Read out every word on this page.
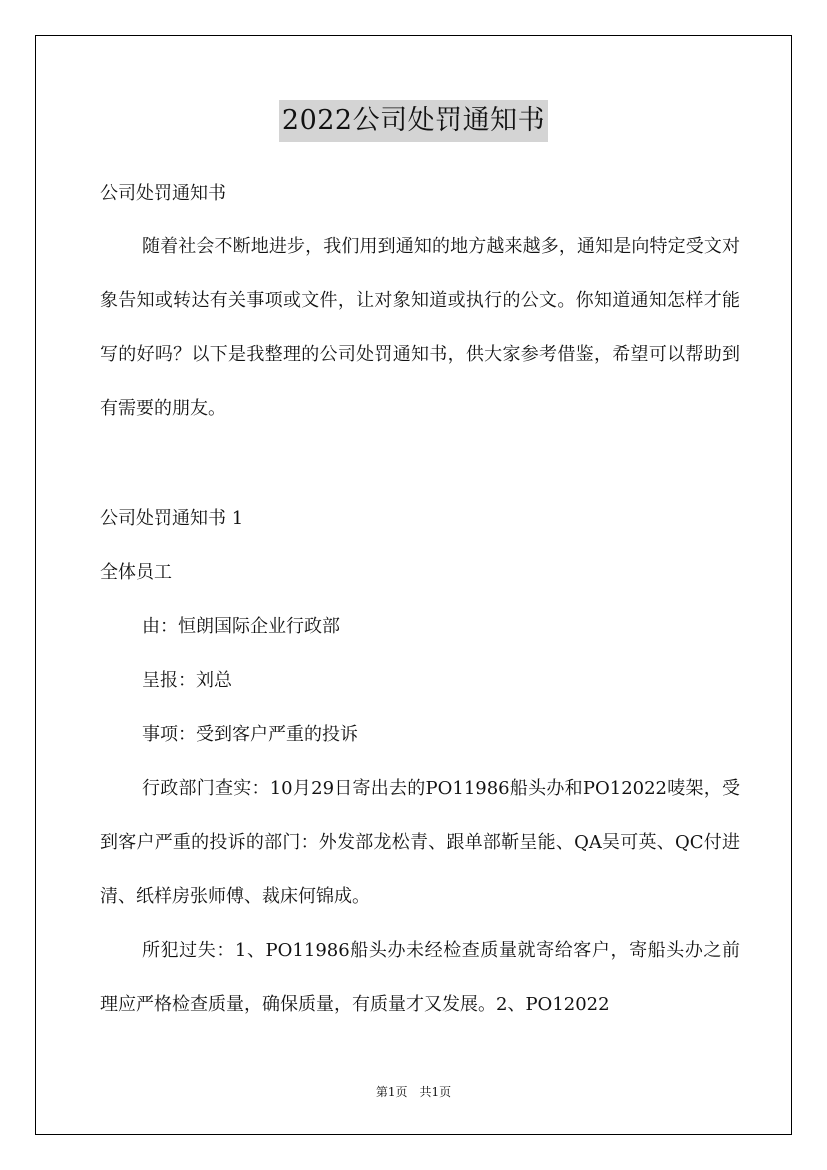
2022公司处罚通知书
公司处罚通知书
随着社会不断地进步，我们用到通知的地方越来越多，通知是向特定受文对象告知或转达有关事项或文件，让对象知道或执行的公文。你知道通知怎样才能写的好吗？以下是我整理的公司处罚通知书，供大家参考借鉴，希望可以帮助到有需要的朋友。
公司处罚通知书 1
全体员工
由：恒朗国际企业行政部
呈报：刘总
事项：受到客户严重的投诉
行政部门查实：10月29日寄出去的PO11986船头办和PO12022唛架，受到客户严重的投诉的部门：外发部龙松青、跟单部靳呈能、QA吴可英、QC付进清、纸样房张师傅、裁床何锦成。
所犯过失：1、PO11986船头办未经检查质量就寄给客户，寄船头办之前理应严格检查质量，确保质量，有质量才又发展。2、PO12022
第1页　共1页
